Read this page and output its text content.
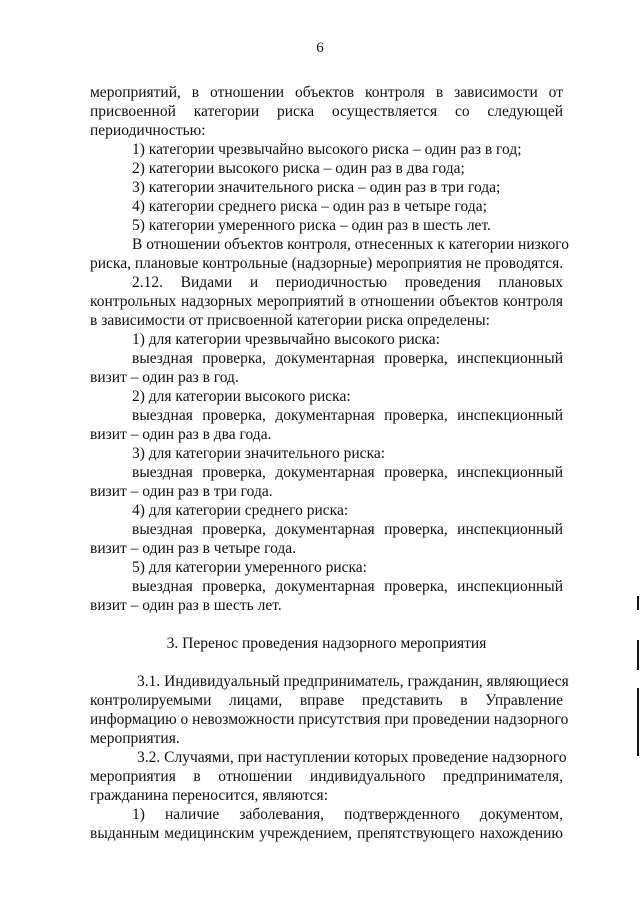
6
мероприятий, в отношении объектов контроля в зависимости от
присвоенной категории риска осуществляется со следующей
периодичностью:
1) категории чрезвычайно высокого риска – один раз в год;
2) категории высокого риска – один раз в два года;
3) категории значительного риска – один раз в три года;
4) категории среднего риска – один раз в четыре года;
5) категории умеренного риска – один раз в шесть лет.
В отношении объектов контроля, отнесенных к категории низкого
риска, плановые контрольные (надзорные) мероприятия не проводятся.
2.12. Видами и периодичностью проведения плановых
контрольных надзорных мероприятий в отношении объектов контроля
в зависимости от присвоенной категории риска определены:
1) для категории чрезвычайно высокого риска:
выездная проверка, документарная проверка, инспекционный
визит – один раз в год.
2) для категории высокого риска:
выездная проверка, документарная проверка, инспекционный
визит – один раз в два года.
3) для категории значительного риска:
выездная проверка, документарная проверка, инспекционный
визит – один раз в три года.
4) для категории среднего риска:
выездная проверка, документарная проверка, инспекционный
визит – один раз в четыре года.
5) для категории умеренного риска:
выездная проверка, документарная проверка, инспекционный
визит – один раз в шесть лет.
3. Перенос проведения надзорного мероприятия
3.1. Индивидуальный предприниматель, гражданин, являющиеся
контролируемыми лицами, вправе представить в Управление
информацию о невозможности присутствия при проведении надзорного
мероприятия.
3.2. Случаями, при наступлении которых проведение надзорного
мероприятия в отношении индивидуального предпринимателя,
гражданина переносится, являются:
1) наличие заболевания, подтвержденного документом,
выданным медицинским учреждением, препятствующего нахождению
